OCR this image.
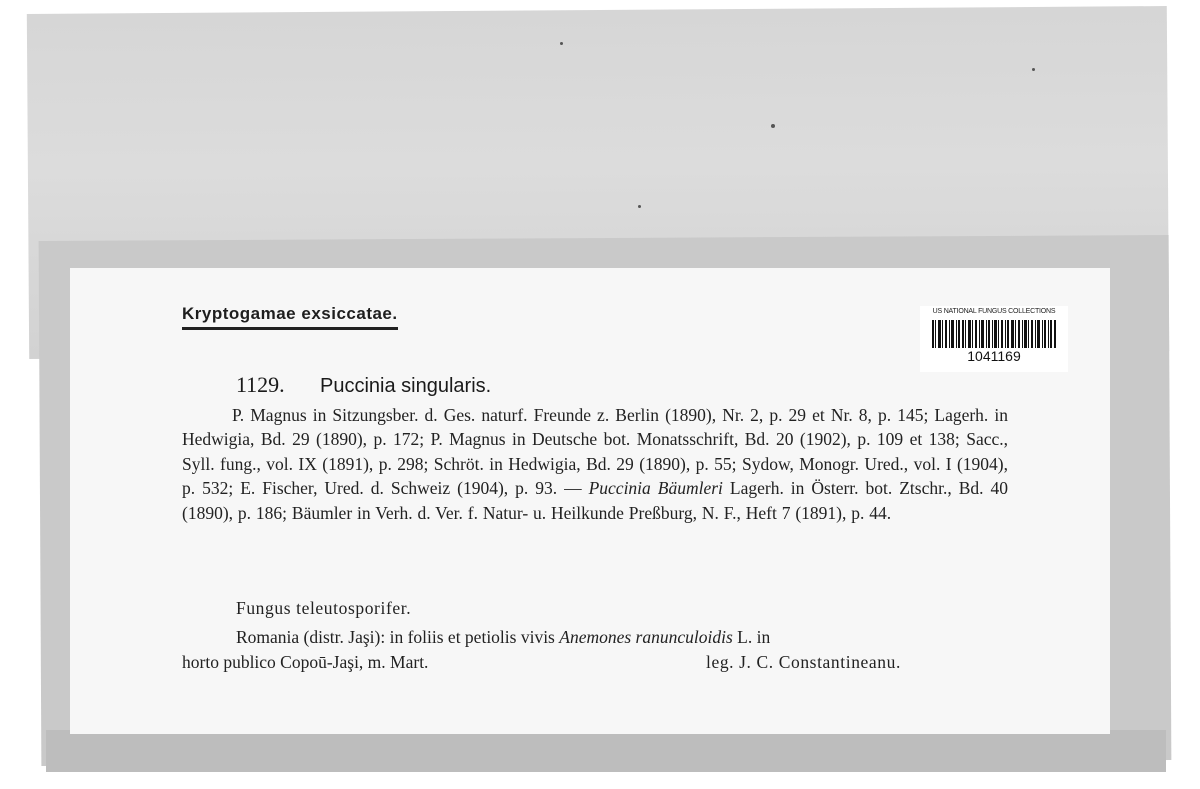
Kryptogamae exsiccatae.	US NATIONAL FUNGUS COLLECTIONS
1041169
1129. Puccinia singularis.
P. Magnus in Sitzungsber. d. Ges. naturf. Freunde z. Berlin (1890), Nr. 2, p. 29 et Nr. 8, p. 145; Lagerh. in Hedwigia, Bd. 29 (1890), p. 172; P. Magnus in Deutsche bot. Monatsschrift, Bd. 20 (1902), p. 109 et 138; Sacc., Syll. fung., vol. IX (1891), p. 298; Schröt. in Hedwigia, Bd. 29 (1890), p. 55; Sydow, Monogr. Ured., vol. I (1904), p. 532; E. Fischer, Ured. d. Schweiz (1904), p. 93. — Puccinia Bäumleri Lagerh. in Österr. bot. Ztschr., Bd. 40 (1890), p. 186; Bäumler in Verh. d. Ver. f. Natur- u. Heilkunde Preßburg, N. F., Heft 7 (1891), p. 44.
Fungus teleutosporifer.
Romania (distr. Jaşi): in foliis et petiolis vivis Anemones ranunculoidis L. in
horto publico Copoū-Jaşi, m. Mart.	leg. J. C. Constantineanu.
